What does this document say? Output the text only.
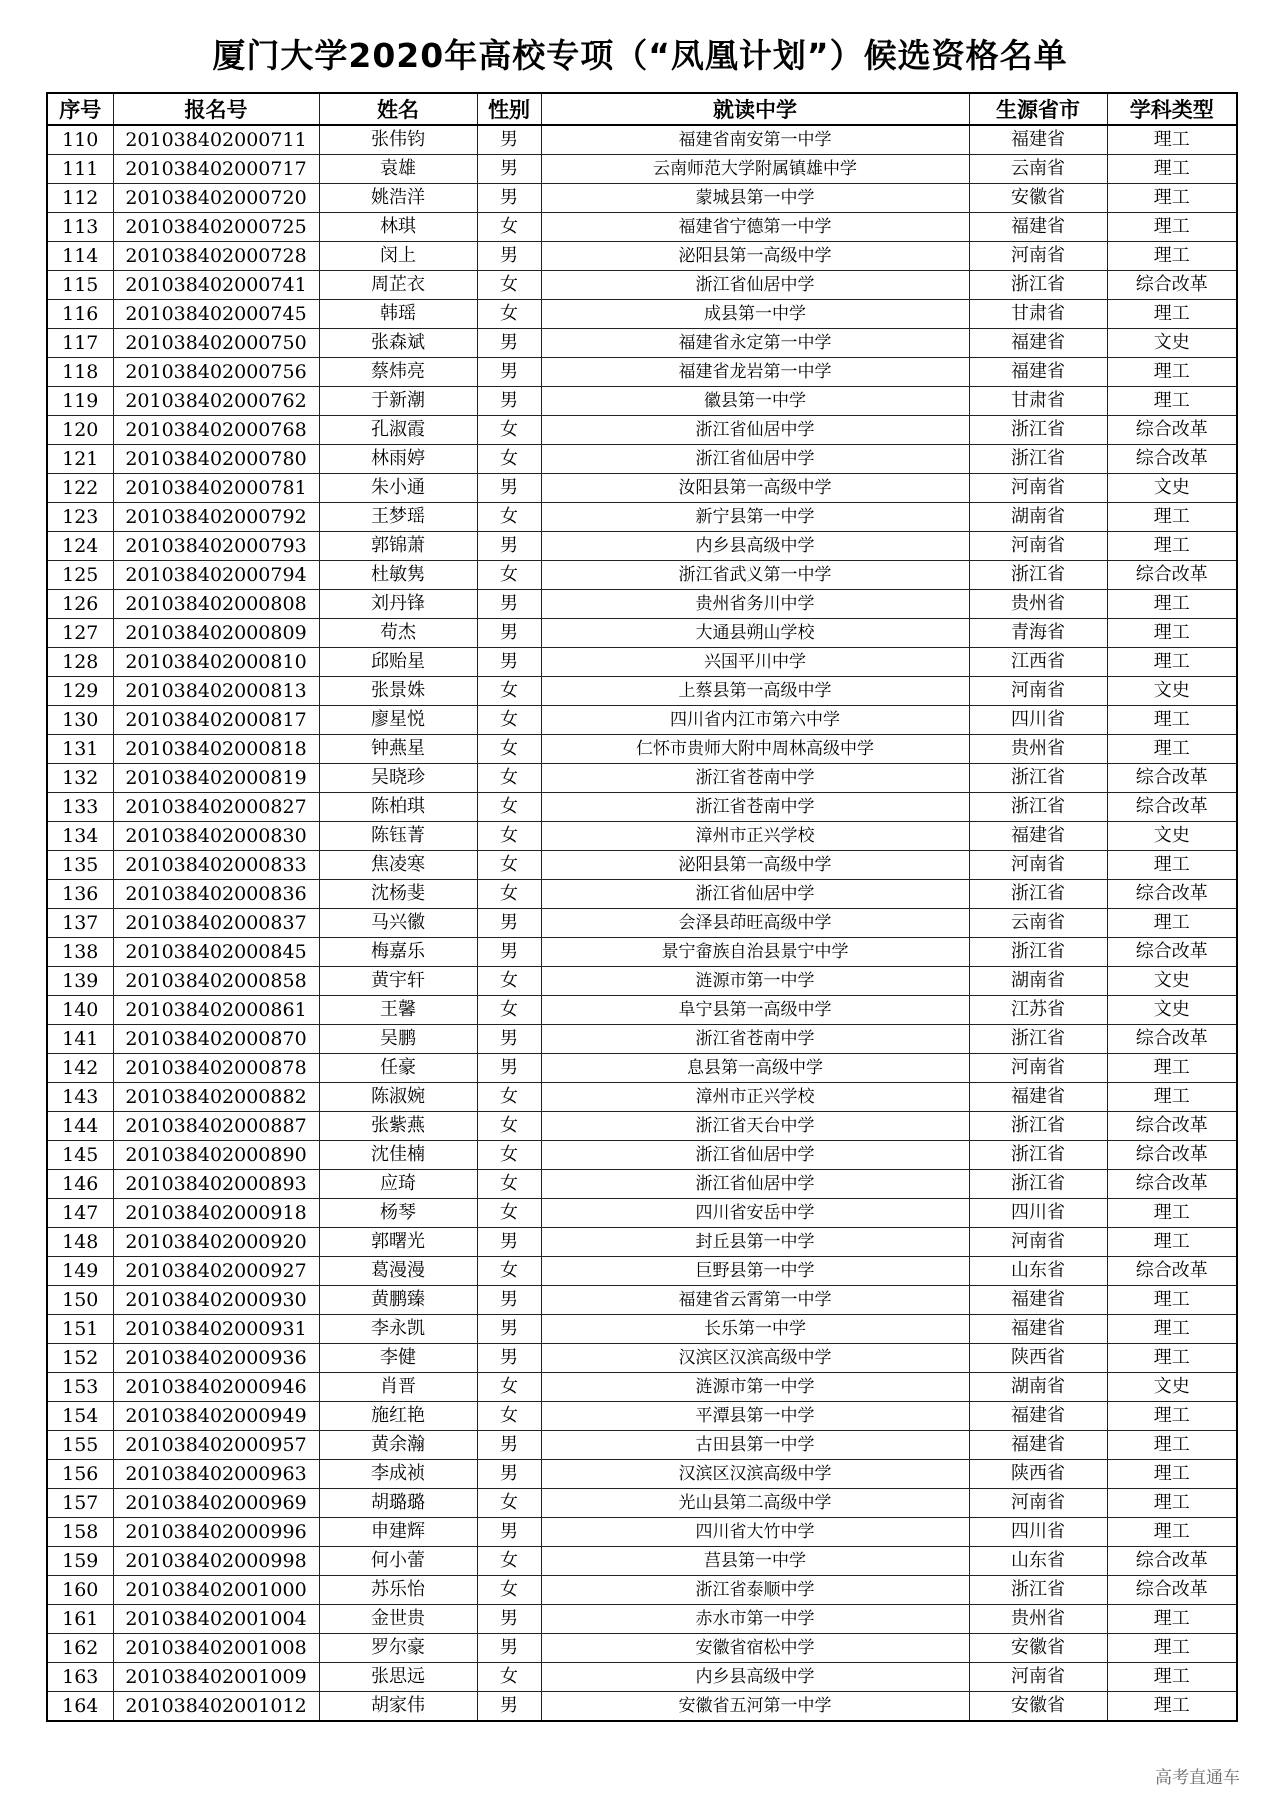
厦门大学2020年高校专项（“凤凰计划”）候选资格名单
序号	报名号	姓名	性别	就读中学	生源省市	学科类型
110	201038402000711	张伟钧	男	福建省南安第一中学	福建省	理工
111	201038402000717	袁雄	男	云南师范大学附属镇雄中学	云南省	理工
112	201038402000720	姚浩洋	男	蒙城县第一中学	安徽省	理工
113	201038402000725	林琪	女	福建省宁德第一中学	福建省	理工
114	201038402000728	闵上	男	泌阳县第一高级中学	河南省	理工
115	201038402000741	周芷衣	女	浙江省仙居中学	浙江省	综合改革
116	201038402000745	韩瑶	女	成县第一中学	甘肃省	理工
117	201038402000750	张森斌	男	福建省永定第一中学	福建省	文史
118	201038402000756	蔡炜亮	男	福建省龙岩第一中学	福建省	理工
119	201038402000762	于新潮	男	徽县第一中学	甘肃省	理工
120	201038402000768	孔淑霞	女	浙江省仙居中学	浙江省	综合改革
121	201038402000780	林雨婷	女	浙江省仙居中学	浙江省	综合改革
122	201038402000781	朱小通	男	汝阳县第一高级中学	河南省	文史
123	201038402000792	王梦瑶	女	新宁县第一中学	湖南省	理工
124	201038402000793	郭锦萧	男	内乡县高级中学	河南省	理工
125	201038402000794	杜敏隽	女	浙江省武义第一中学	浙江省	综合改革
126	201038402000808	刘丹锋	男	贵州省务川中学	贵州省	理工
127	201038402000809	苟杰	男	大通县朔山学校	青海省	理工
128	201038402000810	邱贻星	男	兴国平川中学	江西省	理工
129	201038402000813	张景姝	女	上蔡县第一高级中学	河南省	文史
130	201038402000817	廖星悦	女	四川省内江市第六中学	四川省	理工
131	201038402000818	钟燕星	女	仁怀市贵师大附中周林高级中学	贵州省	理工
132	201038402000819	吴晓珍	女	浙江省苍南中学	浙江省	综合改革
133	201038402000827	陈柏琪	女	浙江省苍南中学	浙江省	综合改革
134	201038402000830	陈钰菁	女	漳州市正兴学校	福建省	文史
135	201038402000833	焦凌寒	女	泌阳县第一高级中学	河南省	理工
136	201038402000836	沈杨斐	女	浙江省仙居中学	浙江省	综合改革
137	201038402000837	马兴徽	男	会泽县茚旺高级中学	云南省	理工
138	201038402000845	梅嘉乐	男	景宁畲族自治县景宁中学	浙江省	综合改革
139	201038402000858	黄宇轩	女	涟源市第一中学	湖南省	文史
140	201038402000861	王馨	女	阜宁县第一高级中学	江苏省	文史
141	201038402000870	吴鹏	男	浙江省苍南中学	浙江省	综合改革
142	201038402000878	任豪	男	息县第一高级中学	河南省	理工
143	201038402000882	陈淑婉	女	漳州市正兴学校	福建省	理工
144	201038402000887	张紫燕	女	浙江省天台中学	浙江省	综合改革
145	201038402000890	沈佳楠	女	浙江省仙居中学	浙江省	综合改革
146	201038402000893	应琦	女	浙江省仙居中学	浙江省	综合改革
147	201038402000918	杨琴	女	四川省安岳中学	四川省	理工
148	201038402000920	郭曙光	男	封丘县第一中学	河南省	理工
149	201038402000927	葛漫漫	女	巨野县第一中学	山东省	综合改革
150	201038402000930	黄鹏臻	男	福建省云霄第一中学	福建省	理工
151	201038402000931	李永凯	男	长乐第一中学	福建省	理工
152	201038402000936	李健	男	汉滨区汉滨高级中学	陕西省	理工
153	201038402000946	肖晋	女	涟源市第一中学	湖南省	文史
154	201038402000949	施红艳	女	平潭县第一中学	福建省	理工
155	201038402000957	黄余瀚	男	古田县第一中学	福建省	理工
156	201038402000963	李成祯	男	汉滨区汉滨高级中学	陕西省	理工
157	201038402000969	胡璐璐	女	光山县第二高级中学	河南省	理工
158	201038402000996	申建辉	男	四川省大竹中学	四川省	理工
159	201038402000998	何小蕾	女	莒县第一中学	山东省	综合改革
160	201038402001000	苏乐怡	女	浙江省泰顺中学	浙江省	综合改革
161	201038402001004	金世贵	男	赤水市第一中学	贵州省	理工
162	201038402001008	罗尔豪	男	安徽省宿松中学	安徽省	理工
163	201038402001009	张思远	女	内乡县高级中学	河南省	理工
164	201038402001012	胡家伟	男	安徽省五河第一中学	安徽省	理工
高考直通车
